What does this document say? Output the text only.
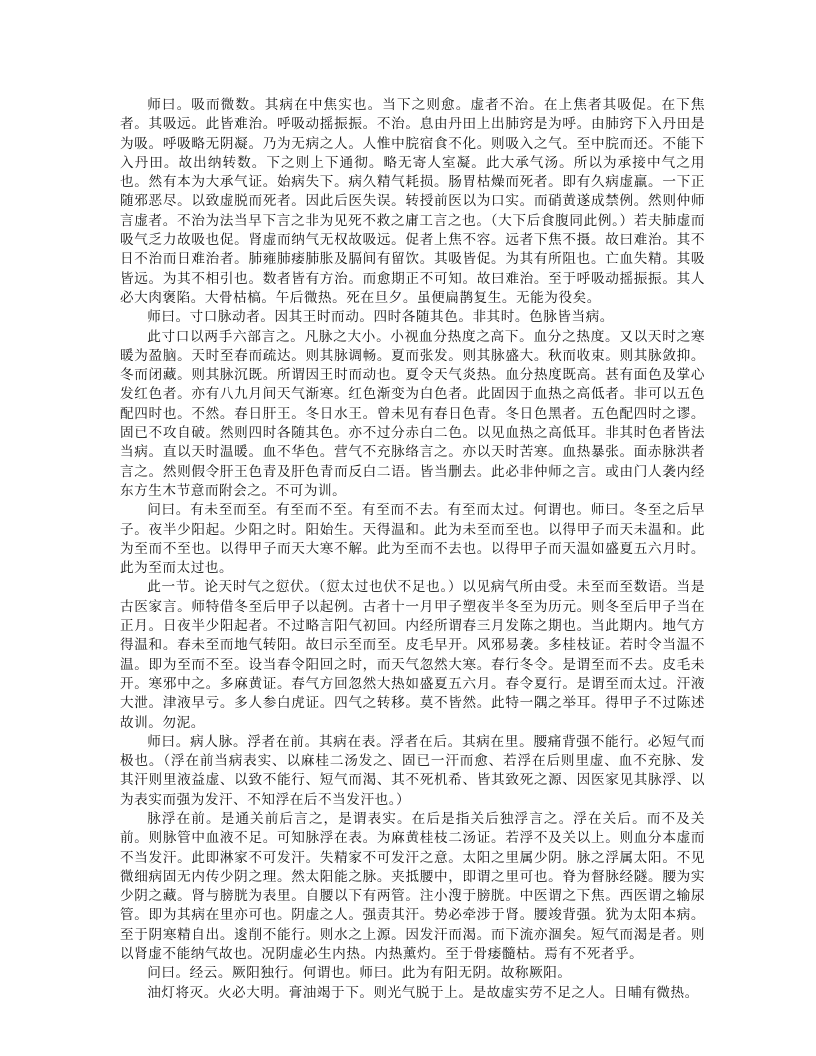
师曰。吸而微数。其病在中焦实也。当下之则愈。虚者不治。在上焦者其吸促。在下焦者。其吸远。此皆难治。呼吸动摇振振。不治。息由丹田上出肺窍是为呼。由肺窍下入丹田是为吸。呼吸略无阴凝。乃为无病之人。人惟中脘宿食不化。则吸入之气。至中脘而还。不能下入丹田。故出纳转数。下之则上下通彻。略无寄人室凝。此大承气汤。所以为承接中气之用也。然有本为大承气证。始病失下。病久精气耗损。肠胃枯燥而死者。即有久病虚羸。一下正随邪恶尽。以致虚脱而死者。因此后医失误。转授前医以为口实。而硝黄遂成禁例。然则仲师言虚者。不治为法当早下言之非为见死不救之庸工言之也。（大下后食腹同此例。）若夫肺虚而吸气乏力故吸也促。肾虚而纳气无权故吸远。促者上焦不容。远者下焦不摄。故曰难治。其不日不治而日难治者。肺雍肺痿肺胀及膈间有留饮。其吸皆促。为其有所阻也。亡血失精。其吸皆远。为其不相引也。数者皆有方治。而愈期正不可知。故曰难治。至于呼吸动摇振振。其人必大肉褒陷。大骨枯槁。午后微热。死在旦夕。虽便扁鹊复生。无能为役矣。

师曰。寸口脉动者。因其王时而动。四时各随其色。非其时。色脉皆当病。

此寸口以两手六部言之。凡脉之大小。小视血分热度之高下。血分之热度。又以天时之寒暖为盈脑。天时至春而疏达。则其脉调畅。夏而张发。则其脉盛大。秋而收束。则其脉敛抑。冬而闭藏。则其脉沉既。所谓因王时而动也。夏令天气炎热。血分热度既高。甚有面色及掌心发红色者。亦有八九月间天气渐寒。红色渐变为白色者。此固因于血热之高低者。非可以五色配四时也。不然。春日肝王。冬日水王。曾未见有春日色青。冬日色黑者。五色配四时之谬。固已不攻自破。然则四时各随其色。亦不过分赤白二色。以见血热之高低耳。非其时色者皆法当病。直以天时温暖。血不华色。营气不充脉络言之。亦以天时苦寒。血热暴张。面赤脉洪者言之。然则假令肝王色青及肝色青而反白二语。皆当删去。此必非仲师之言。或由门人袭内经东方生木节意而附会之。不可为训。

问曰。有未至而至。有至而不至。有至而不去。有至而太过。何谓也。师曰。冬至之后早子。夜半少阳起。少阳之时。阳始生。天得温和。此为未至而至也。以得甲子而天未温和。此为至而不至也。以得甲子而天大寒不解。此为至而不去也。以得甲子而天温如盛夏五六月时。此为至而太过也。

此一节。论天时气之愆伏。（愆太过也伏不足也。）以见病气所由受。未至而至数语。当是古医家言。师特借冬至后甲子以起例。古者十一月甲子塑夜半冬至为历元。则冬至后甲子当在正月。日夜半少阳起者。不过略言阳气初回。内经所谓春三月发陈之期也。当此期内。地气方得温和。春未至而地气转阳。故曰示至而至。皮毛早开。风邪易袭。多桂枝证。若时令当温不温。即为至而不至。设当春令阳回之时，而天气忽然大寒。春行冬令。是谓至而不去。皮毛未开。寒邪中之。多麻黄证。春气方回忽然大热如盛夏五六月。春令夏行。是谓至而太过。汗液大泄。津液早亏。多人参白虎证。四气之转移。莫不皆然。此特一隅之举耳。得甲子不过陈述故训。勿泥。

师曰。病人脉。浮者在前。其病在表。浮者在后。其病在里。腰痛背强不能行。必短气而极也。（浮在前当病表实、以麻桂二汤发之、固已一汗而愈、若浮在后则里虚、血不充脉、发其汗则里液益虚、以致不能行、短气而渴、其不死机希、皆其致死之源、因医家见其脉浮、以为表实而强为发汗、不知浮在后不当发汗也。）

脉浮在前。是通关前后言之，是谓表实。在后是指关后独浮言之。浮在关后。而不及关前。则脉管中血液不足。可知脉浮在表。为麻黄桂枝二汤证。若浮不及关以上。则血分本虚而不当发汗。此即淋家不可发汗。失精家不可发汗之意。太阳之里属少阴。脉之浮属太阳。不见微细病固无内传少阴之理。然太阳能之脉。夹抵腰中，即谓之里可也。脊为督脉经隧。腰为实少阴之藏。肾与膀胱为表里。自腰以下有两管。注小溲于膀胱。中医谓之下焦。西医谓之输尿管。即为其病在里亦可也。阴虚之人。强责其汗。势必牵涉于肾。腰竣背强。犹为太阳本病。至于阴寒精自出。逡削不能行。则水之上源。因发汗而渴。而下流亦涸矣。短气而渴是者。则以肾虚不能纳气故也。况阴虚必生内热。内热薰灼。至于骨痿髓枯。焉有不死者乎。

问曰。经云。厥阳独行。何谓也。师曰。此为有阳无阴。故称厥阳。

油灯将灭。火必大明。膏油竭于下。则光气脱于上。是故虚实劳不足之人。日晡有微热。
